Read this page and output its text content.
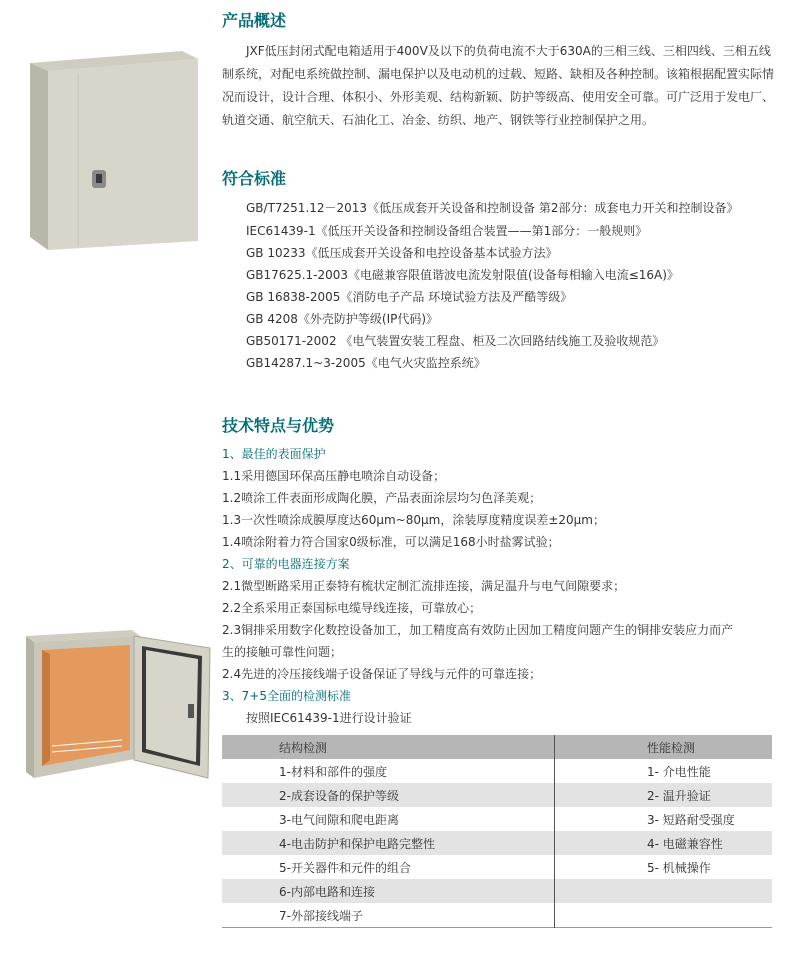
产品概述
JXF低压封闭式配电箱适用于400V及以下的负荷电流不大于630A的三相三线、三相四线、三相五线制系统，对配电系统做控制、漏电保护以及电动机的过载、短路、缺相及各种控制。该箱根据配置实际情况而设计，设计合理、体积小、外形美观、结构新颖、防护等级高、使用安全可靠。可广泛用于发电厂、轨道交通、航空航天、石油化工、冶金、纺织、地产、钢铁等行业控制保护之用。
符合标准
GB/T7251.12－2013《低压成套开关设备和控制设备 第2部分：成套电力开关和控制设备》
IEC61439-1《低压开关设备和控制设备组合装置——第1部分：一般规则》
GB 10233《低压成套开关设备和电控设备基本试验方法》
GB17625.1-2003《电磁兼容限值谐波电流发射限值(设备每相输入电流≤16A)》
GB 16838-2005《消防电子产品 环境试验方法及严酷等级》
GB 4208《外壳防护等级(IP代码)》
GB50171-2002 《电气装置安装工程盘、柜及二次回路结线施工及验收规范》
GB14287.1~3-2005《电气火灾监控系统》
技术特点与优势
1、最佳的表面保护
1.1采用德国环保高压静电喷涂自动设备；
1.2喷涂工件表面形成陶化膜，产品表面涂层均匀色泽美观；
1.3一次性喷涂成膜厚度达60μm~80μm，涂装厚度精度误差±20μm；
1.4喷涂附着力符合国家0级标准，可以满足168小时盐雾试验；
2、可靠的电器连接方案
2.1微型断路采用正泰特有梳状定制汇流排连接，满足温升与电气间隙要求；
2.2全系采用正泰国标电缆导线连接，可靠放心；
2.3铜排采用数字化数控设备加工，加工精度高有效防止因加工精度问题产生的铜排安装应力而产
生的接触可靠性问题；
2.4先进的冷压接线端子设备保证了导线与元件的可靠连接；
3、7+5全面的检测标准
按照IEC61439-1进行设计验证
结构检测	性能检测
1-材料和部件的强度	1- 介电性能
2-成套设备的保护等级	2- 温升验证
3-电气间隙和爬电距离	3- 短路耐受强度
4-电击防护和保护电路完整性	4- 电磁兼容性
5-开关器件和元件的组合	5- 机械操作
6-内部电路和连接	
7-外部接线端子	
